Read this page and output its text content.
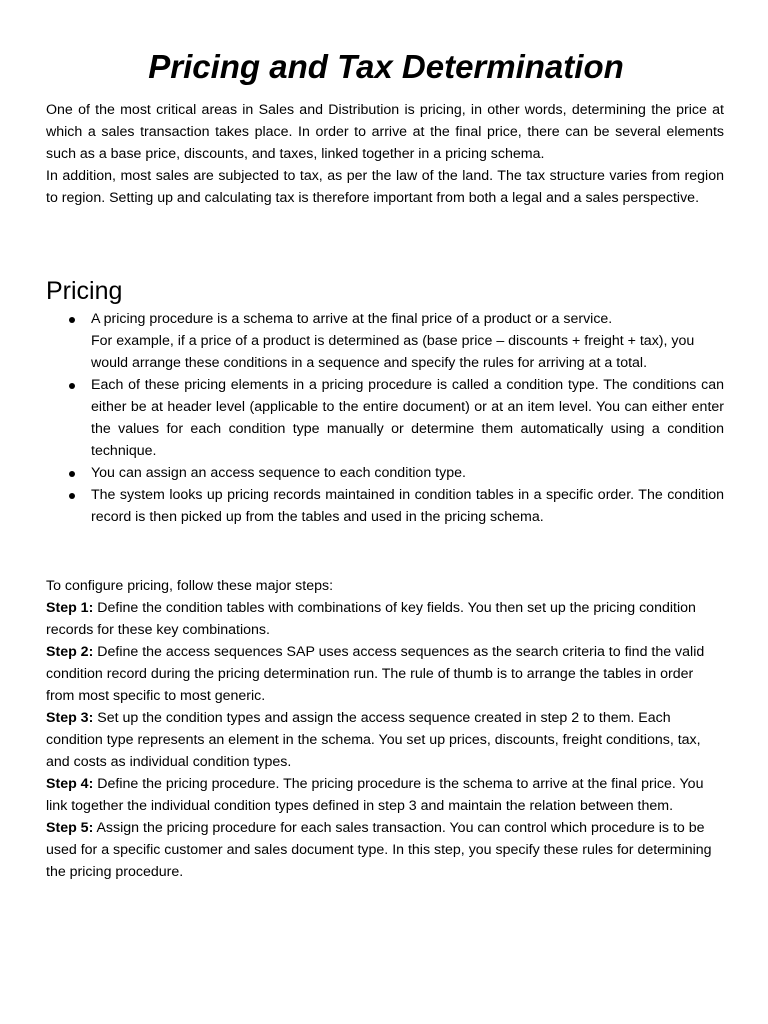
Pricing and Tax Determination

One of the most critical areas in Sales and Distribution is pricing, in other words, determining the price at which a sales transaction takes place. In order to arrive at the final price, there can be several elements such as a base price, discounts, and taxes, linked together in a pricing schema.

In addition, most sales are subjected to tax, as per the law of the land. The tax structure varies from region to region. Setting up and calculating tax is therefore important from both a legal and a sales perspective.

Pricing

A pricing procedure is a schema to arrive at the final price of a product or a service.

For example, if a price of a product is determined as (base price – discounts + freight + tax), you would arrange these conditions in a sequence and specify the rules for arriving at a total.

Each of these pricing elements in a pricing procedure is called a condition type. The conditions can either be at header level (applicable to the entire document) or at an item level. You can either enter the values for each condition type manually or determine them automatically using a condition technique.

You can assign an access sequence to each condition type.

The system looks up pricing records maintained in condition tables in a specific order. The condition record is then picked up from the tables and used in the pricing schema.

To configure pricing, follow these major steps:

Step 1: Define the condition tables with combinations of key fields. You then set up the pricing condition records for these key combinations.

Step 2: Define the access sequences SAP uses access sequences as the search criteria to find the valid condition record during the pricing determination run. The rule of thumb is to arrange the tables in order from most specific to most generic.

Step 3: Set up the condition types and assign the access sequence created in step 2 to them. Each condition type represents an element in the schema. You set up prices, discounts, freight conditions, tax, and costs as individual condition types.

Step 4: Define the pricing procedure. The pricing procedure is the schema to arrive at the final price. You link together the individual condition types defined in step 3 and maintain the relation between them.

Step 5: Assign the pricing procedure for each sales transaction. You can control which procedure is to be used for a specific customer and sales document type. In this step, you specify these rules for determining the pricing procedure.
